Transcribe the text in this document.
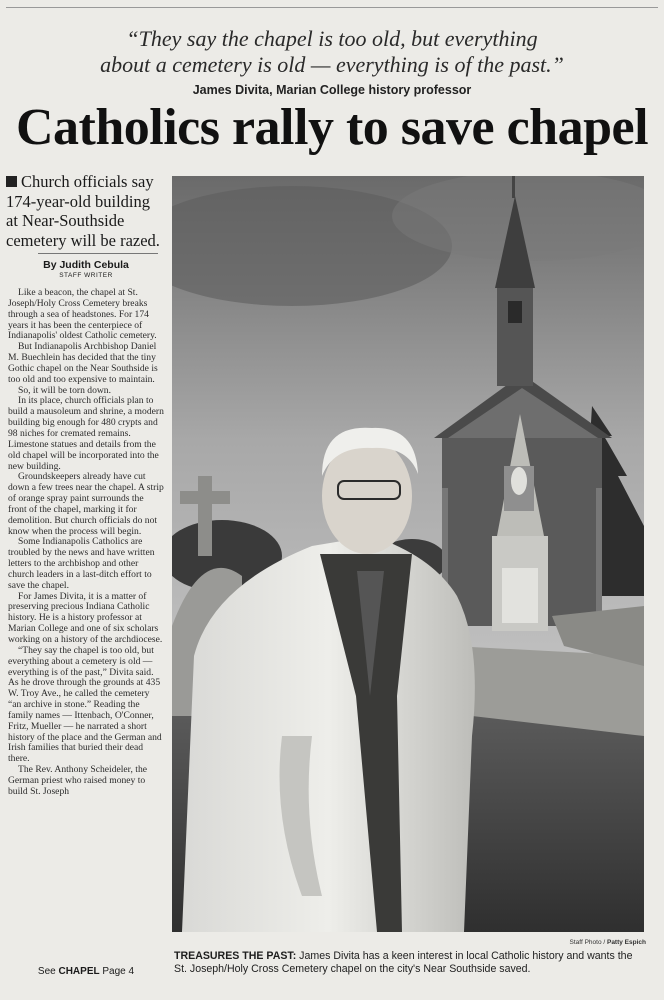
“They say the chapel is too old, but everything
about a cemetery is old — everything is of the past.”
James Divita, Marian College history professor
Catholics rally to save chapel
Church officials say 174-year-old building at Near-Southside cemetery will be razed.
By Judith Cebula
STAFF WRITER

Like a beacon, the chapel at St. Joseph/Holy Cross Cemetery breaks through a sea of headstones. For 174 years it has been the centerpiece of Indianapolis' oldest Catholic cemetery.

But Indianapolis Archbishop Daniel M. Buechlein has decided that the tiny Gothic chapel on the Near Southside is too old and too expensive to maintain.

So, it will be torn down.

In its place, church officials plan to build a mausoleum and shrine, a modern building big enough for 480 crypts and 98 niches for cremated remains. Limestone statues and details from the old chapel will be incorporated into the new building.

Groundskeepers already have cut down a few trees near the chapel. A strip of orange spray paint surrounds the front of the chapel, marking it for demolition. But church officials do not know when the process will begin.

Some Indianapolis Catholics are troubled by the news and have written letters to the archbishop and other church leaders in a last-ditch effort to save the chapel.

For James Divita, it is a matter of preserving precious Indiana Catholic history. He is a history professor at Marian College and one of six scholars working on a history of the archdiocese.

“They say the chapel is too old, but everything about a cemetery is old — everything is of the past,” Divita said. As he drove through the grounds at 435 W. Troy Ave., he called the cemetery “an archive in stone.” Reading the family names — Ittenbach, O'Conner, Fritz, Mueller — he narrated a short history of the place and the German and Irish families that buried their dead there.

The Rev. Anthony Scheideler, the German priest who raised money to build St. Joseph

See CHAPEL Page 4
Staff Photo / Patty Espich
TREASURES THE PAST: James Divita has a keen interest in local Catholic history and wants the St. Joseph/Holy Cross Cemetery chapel on the city's Near Southside saved.
